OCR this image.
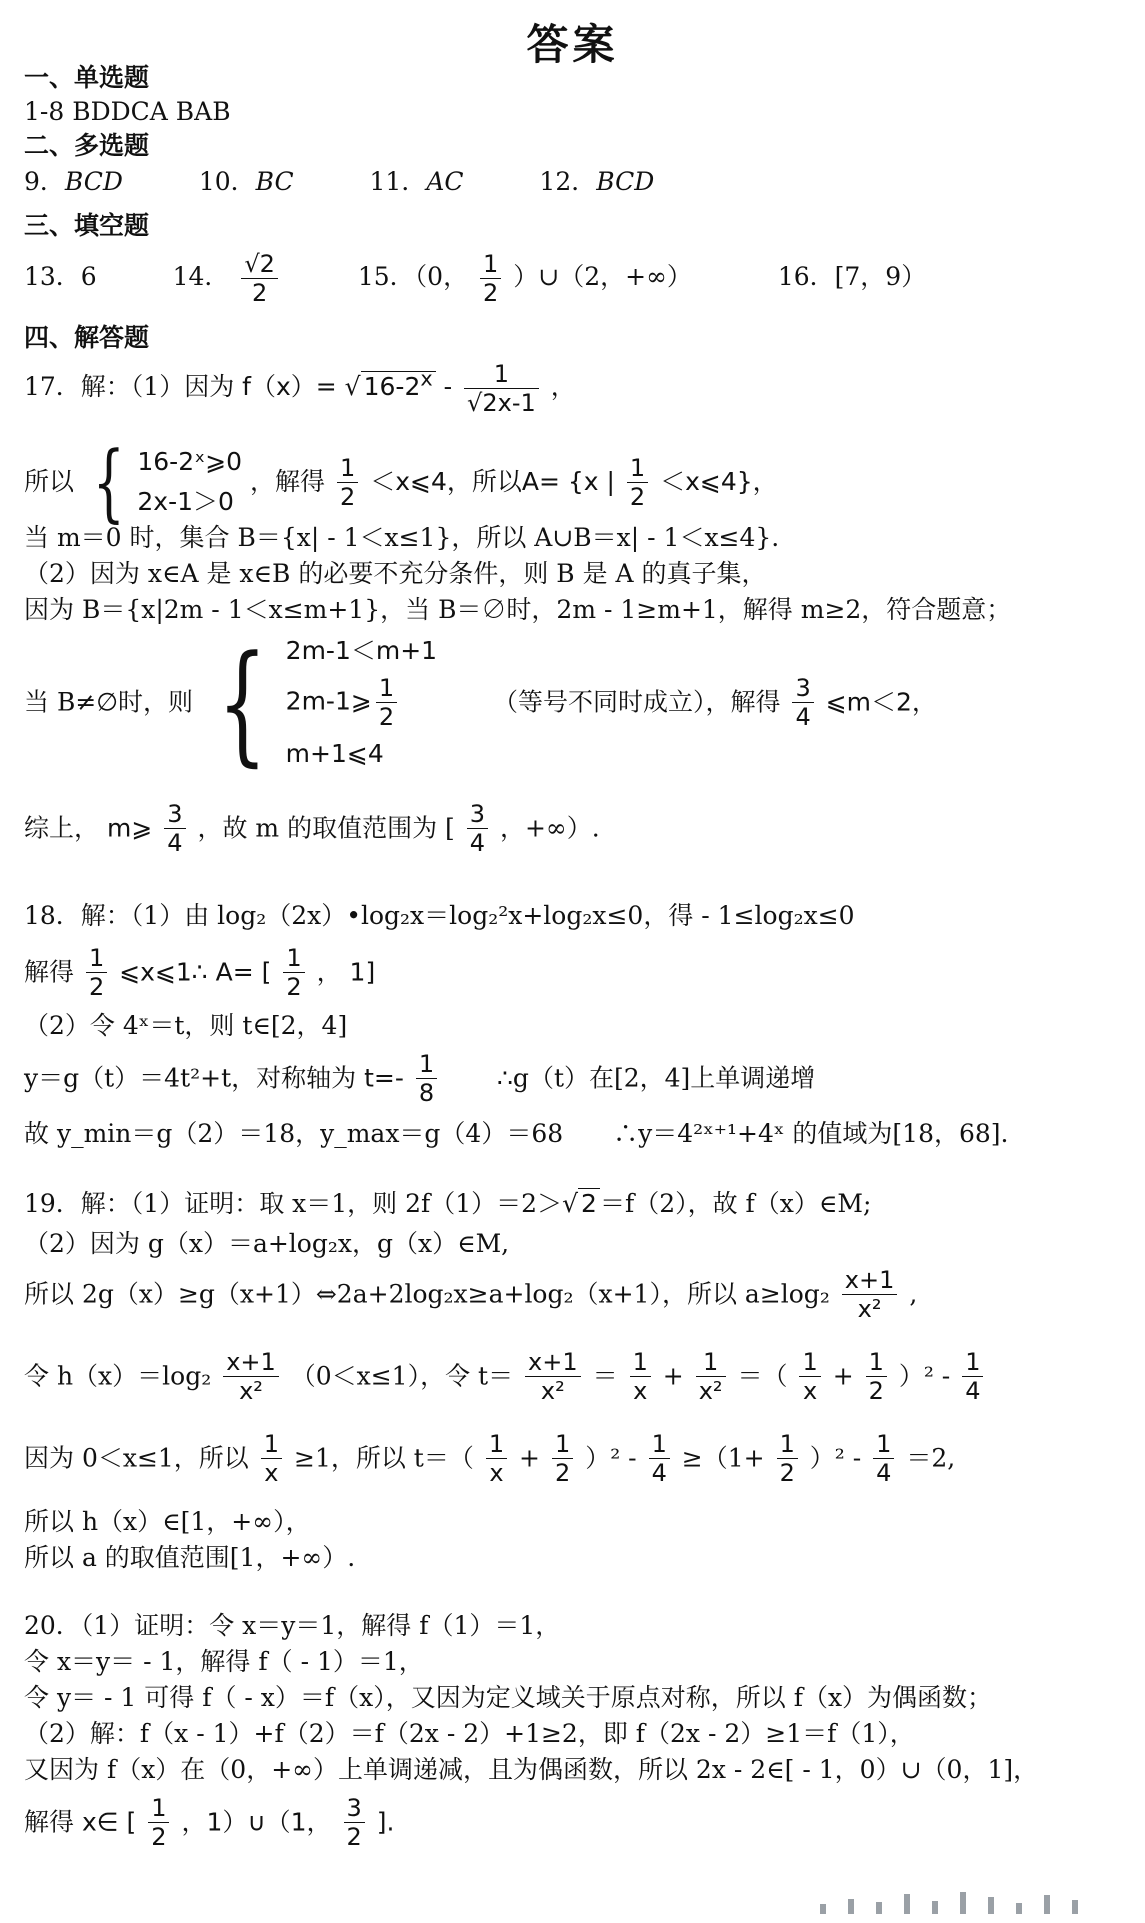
答案
一、单选题
1-8 BDDCA BAB
二、多选题
9．BCD	10．BC	11．AC	12．BCD
三、填空题
13．6	14． $\frac{√2}{2}$	15．（0， $\frac{1}{2}$ ）∪（2，+∞）	16．[7，9）
四、解答题
17．解：（1）因为 f（x）= √ $16-2^x - \frac{1}{√2x-1}$ ，
所以 { 16-2ˣ⩾0
2x-1＞0
，解得 $\frac{1}{2}$ ＜x⩽4，所以A= {x | $\frac{1}{2}$ ＜x⩽4}，
当 m＝0 时，集合 B＝{x| - 1＜x≤1}，所以 A∪B＝x| - 1＜x≤4}.
（2）因为 x∈A 是 x∈B 的必要不充分条件，则 B 是 A 的真子集，
因为 B＝{x|2m - 1＜x≤m+1}，当 B＝∅时，2m - 1≥m+1，解得 m≥2，符合题意；
当 B≠∅时，则 { 2m-1＜m+1
2m-1⩾ $\frac{1}{2}$
m+1⩽4
（等号不同时成立），解得 $\frac{3}{4}$ ⩽m＜2，
综上， m⩾ $\frac{3}{4}$ ，故 m 的取值范围为 [ $\frac{3}{4}$ ，+∞）.
18．解：（1）由 log₂（2x）•log₂x＝log₂²x+log₂x≤0，得 - 1≤log₂x≤0
解得 $\frac{1}{2}$ ⩽x⩽1∴ A= [ $\frac{1}{2}$ ， 1]
（2）令 4ˣ＝t，则 t∈[2，4]
y＝g（t）＝4t²+t，对称轴为 $t=- \frac{1}{8}$ ∴g（t）在[2，4]上单调递增
故 y_min＝g（2）＝18，y_max＝g（4）＝68　　∴y＝4²ˣ⁺¹+4ˣ 的值域为[18，68].
19．解：（1）证明：取 x＝1，则 2f（1）＝2＞√ 2 ＝f（2），故 f（x）∈M;
（2）因为 g（x）＝a+log₂x，g（x）∈M,
所以 2g（x）≥g（x+1）⇔2a+2log₂x≥a+log₂（x+1），所以 $a\ge\log_2 \frac{x+1}{\text{x²}}$ ,
令 $h(x)=\log_2 \frac{x+1}{\text{x²}} (0<x\le 1)$，令 $t= \frac{x+1}{\text{x²}} = \frac{1}{x} + \frac{1}{\text{x²}}$ ＝（ $\frac{1}{x} + \frac{1}{2} )^2 - \frac{1}{4}$
因为 0＜x≤1，所以 $\frac{1}{x} \ge 1$，所以 $t=( \frac{1}{x} + \frac{1}{2} )^2 - \frac{1}{4} \ge(1+ \frac{1}{2} )^2 - \frac{1}{4} =2$,
所以 h（x）∈[1，+∞），
所以 a 的取值范围[1，+∞）.
20．（1）证明：令 x＝y＝1，解得 f（1）＝1，
令 x＝y＝ - 1，解得 f（ - 1）＝1，
令 y＝ - 1 可得 f（ - x）＝f（x），又因为定义域关于原点对称，所以 f（x）为偶函数；
（2）解：f（x - 1）+f（2）＝f（2x - 2）+1≥2，即 f（2x - 2）≥1＝f（1），
又因为 f（x）在（0，+∞）上单调递减，且为偶函数，所以 2x - 2∈[ - 1，0）∪（0，1]，
解得 x∈ [ $\frac{1}{2}$ ，1）∪（1， $\frac{3}{2}$ ].
